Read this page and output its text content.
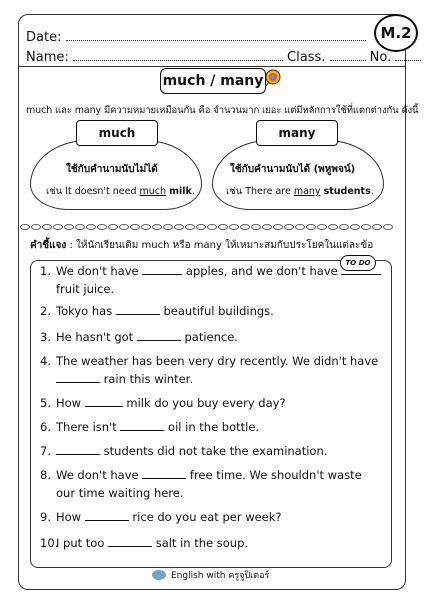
M.2
Date:
Name:	Class.	No.
much / many
much และ many มีความหมายเหมือนกัน คือ จำนวนมาก เยอะ แต่มีหลักการใช้ที่แตกต่างกัน ดังนี้
much
ใช้กับคำนามนับไม่ได้
เช่น It doesn't need much milk.
many
ใช้กับคำนามนับได้ (พหูพจน์)
เช่น There are many students.
คำชี้แจง : ให้นักเรียนเติม much หรือ many ให้เหมาะสมกับประโยคในแต่ละข้อ
TO DO
1. We don't have	apples, and we don't have
fruit juice.
2. Tokyo has	beautiful buildings.
3. He hasn't got	patience.
4. The weather has been very dry recently. We didn't have
rain this winter.
5. How	milk do you buy every day?
6. There isn't	oil in the bottle.
7.	students did not take the examination.
8. We don't have	free time. We shouldn't waste
our time waiting here.
9. How	rice do you eat per week?
10.I put too	salt in the soup.
English with ครูจูปิเตอร์
